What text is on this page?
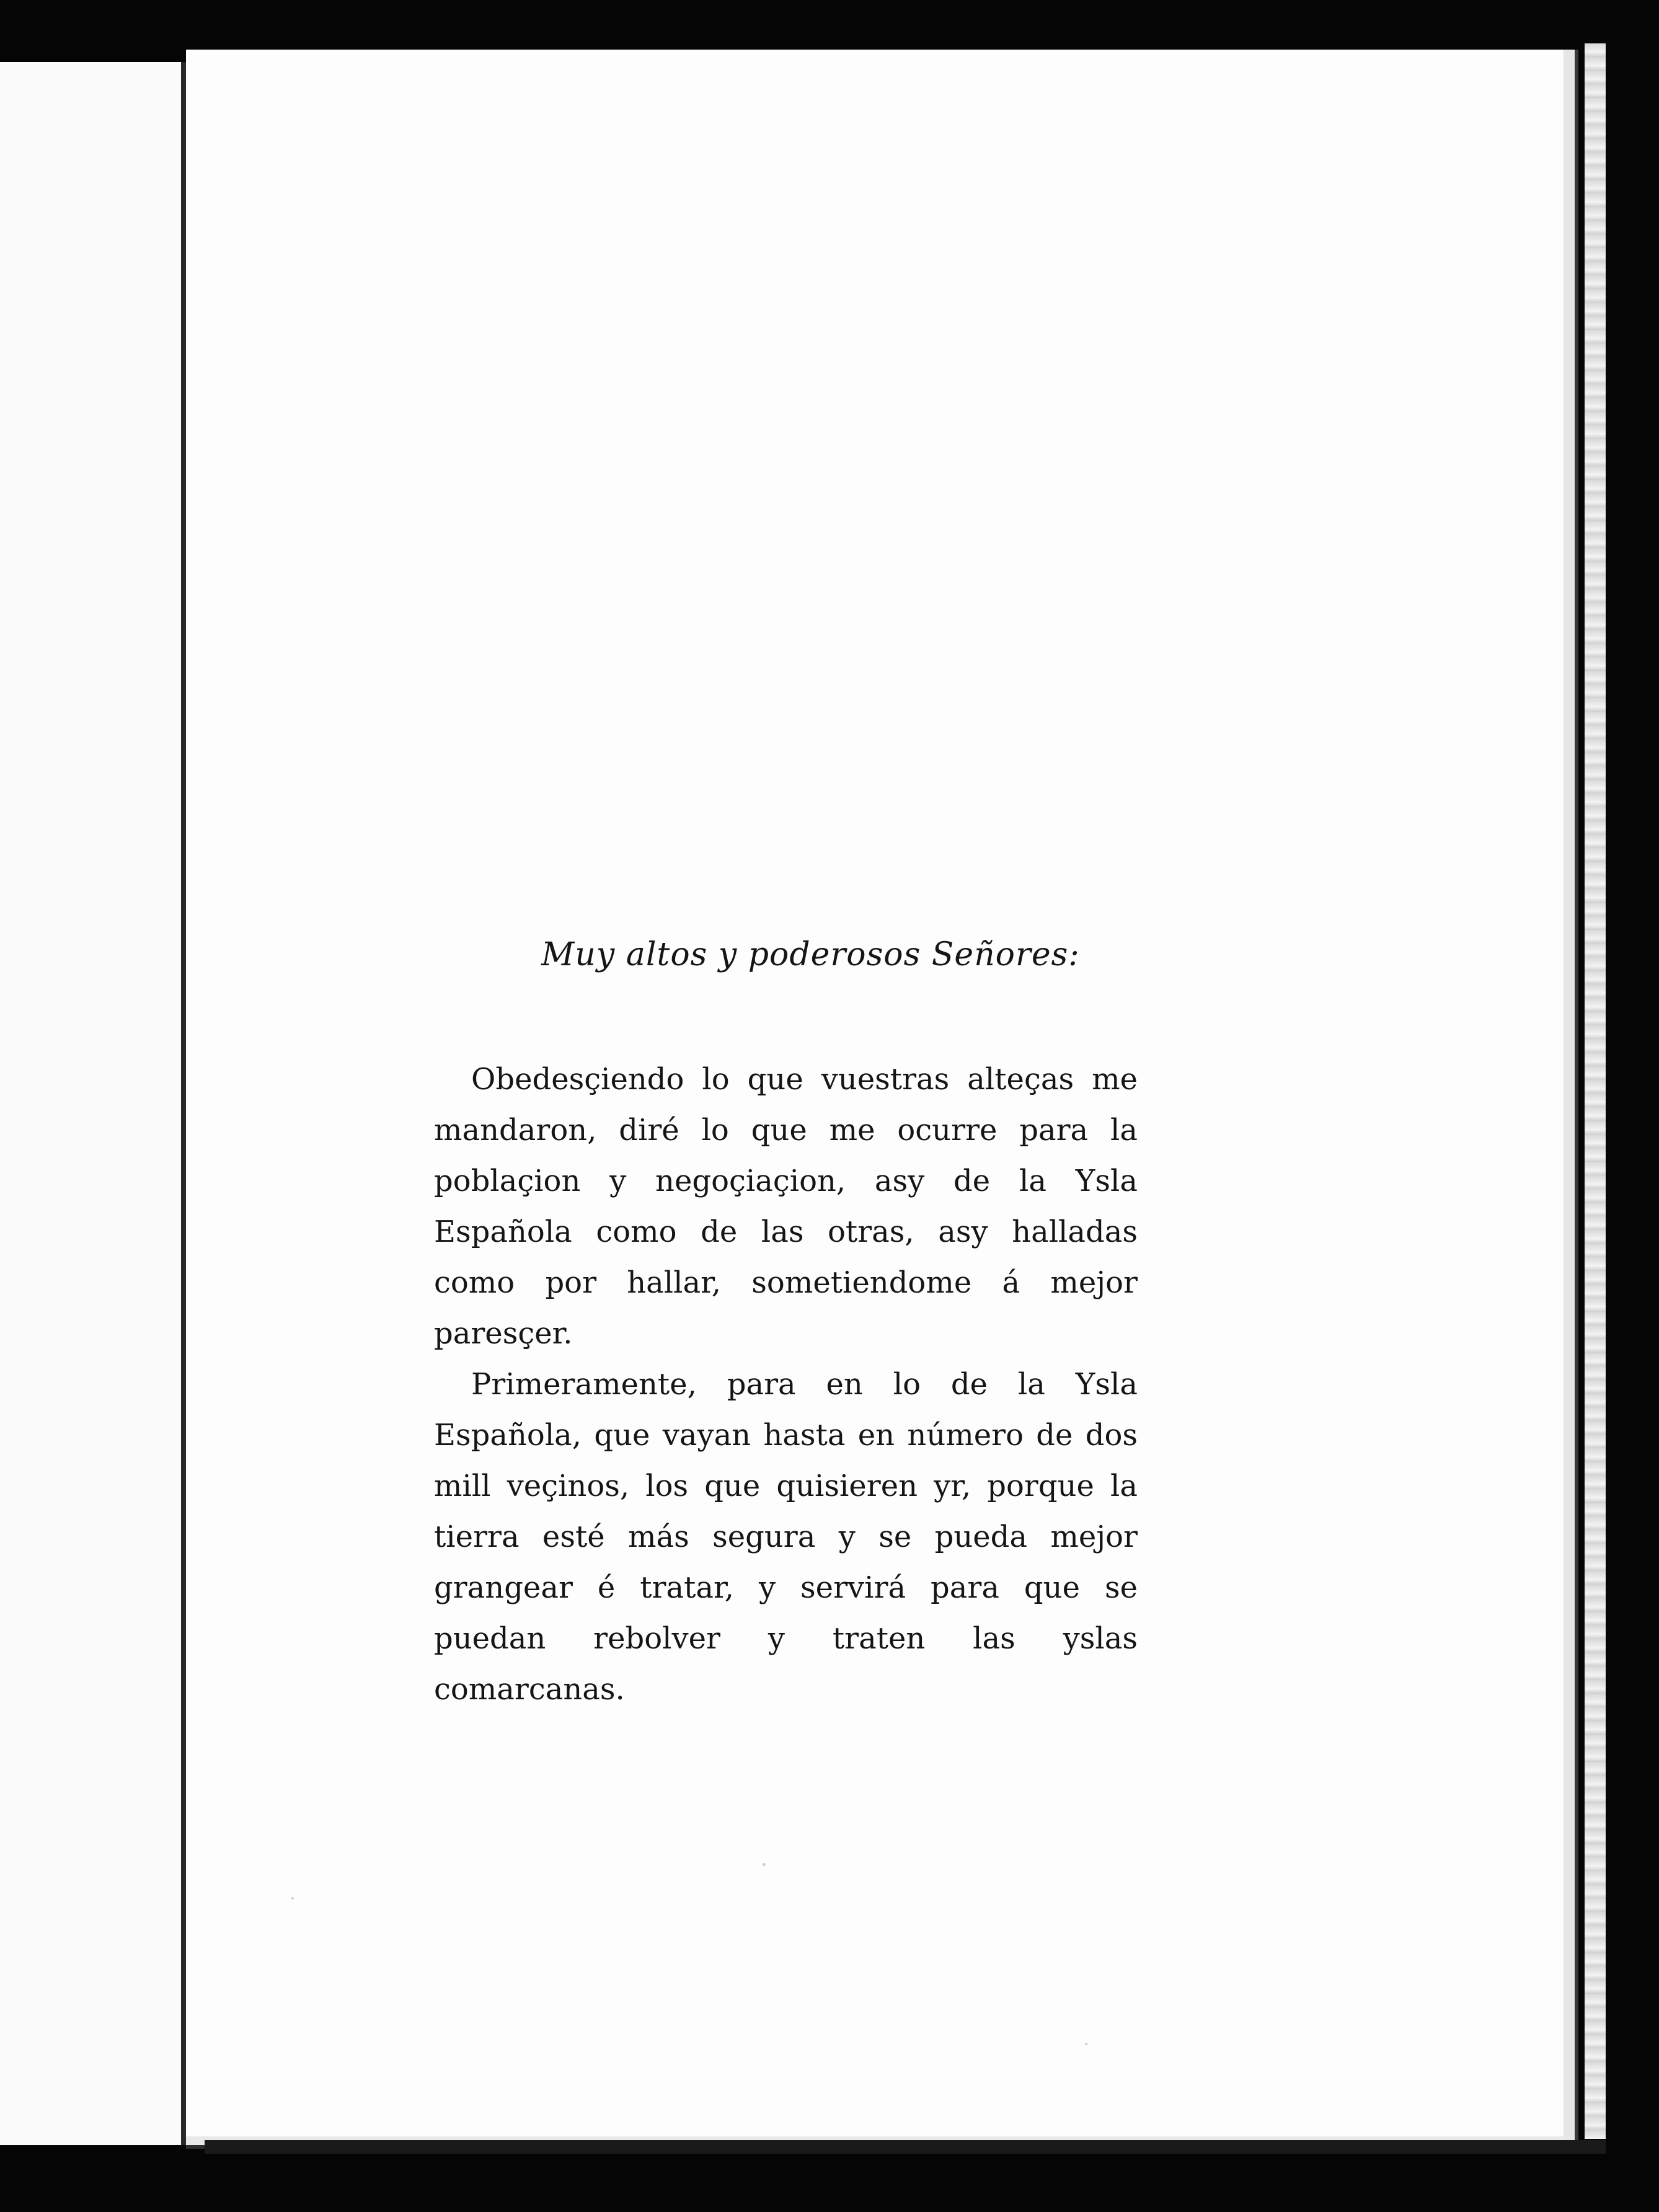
Muy altos y poderosos Señores:

Obedesçiendo lo que vuestras alteças me mandaron, diré lo que me ocurre para la poblaçion y negoçiaçion, asy de la Ysla Española como de las otras, asy halladas como por hallar, sometiendome á mejor paresçer.

Primeramente, para en lo de la Ysla Española, que vayan hasta en número de dos mill veçinos, los que quisieren yr, porque la tierra esté más segura y se pueda mejor grangear é tratar, y servirá para que se puedan rebolver y traten las yslas comarcanas.
